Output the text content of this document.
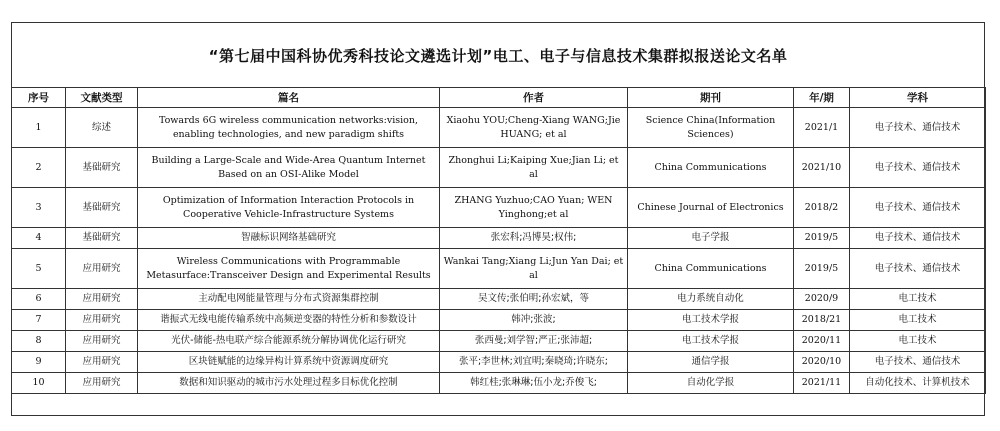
“第七届中国科协优秀科技论文遴选计划”电工、电子与信息技术集群拟报送论文名单
序号	文献类型	篇名	作者	期刊	年/期	学科
1	综述	Towards 6G wireless communication networks:vision, enabling technologies, and new paradigm shifts	Xiaohu YOU;Cheng-Xiang WANG;Jie HUANG; et al	Science China(Information Sciences)	2021/1	电子技术、通信技术
2	基础研究	Building a Large-Scale and Wide-Area Quantum Internet Based on an OSI-Alike Model	Zhonghui Li;Kaiping Xue;Jian Li; et al	China Communications	2021/10	电子技术、通信技术
3	基础研究	Optimization of Information Interaction Protocols in Cooperative Vehicle-Infrastructure Systems	ZHANG Yuzhuo;CAO Yuan; WEN Yinghong;et al	Chinese Journal of Electronics	2018/2	电子技术、通信技术
4	基础研究	智融标识网络基础研究	张宏科;冯博昊;权伟;	电子学报	2019/5	电子技术、通信技术
5	应用研究	Wireless Communications with Programmable Metasurface:Transceiver Design and Experimental Results	Wankai Tang;Xiang Li;Jun Yan Dai; et al	China Communications	2019/5	电子技术、通信技术
6	应用研究	主动配电网能量管理与分布式资源集群控制	吴文传;张伯明;孙宏斌，等	电力系统自动化	2020/9	电工技术
7	应用研究	谐振式无线电能传输系统中高频逆变器的特性分析和参数设计	韩冲;张波;	电工技术学报	2018/21	电工技术
8	应用研究	光伏-储能-热电联产综合能源系统分解协调优化运行研究	张西曼;刘学智;严正;张沛超;	电工技术学报	2020/11	电工技术
9	应用研究	区块链赋能的边缘异构计算系统中资源调度研究	张平;李世林;刘宜明;秦晓琦;许晓东;	通信学报	2020/10	电子技术、通信技术
10	应用研究	数据和知识驱动的城市污水处理过程多目标优化控制	韩红桂;张琳琳;伍小龙;乔俊飞;	自动化学报	2021/11	自动化技术、计算机技术
